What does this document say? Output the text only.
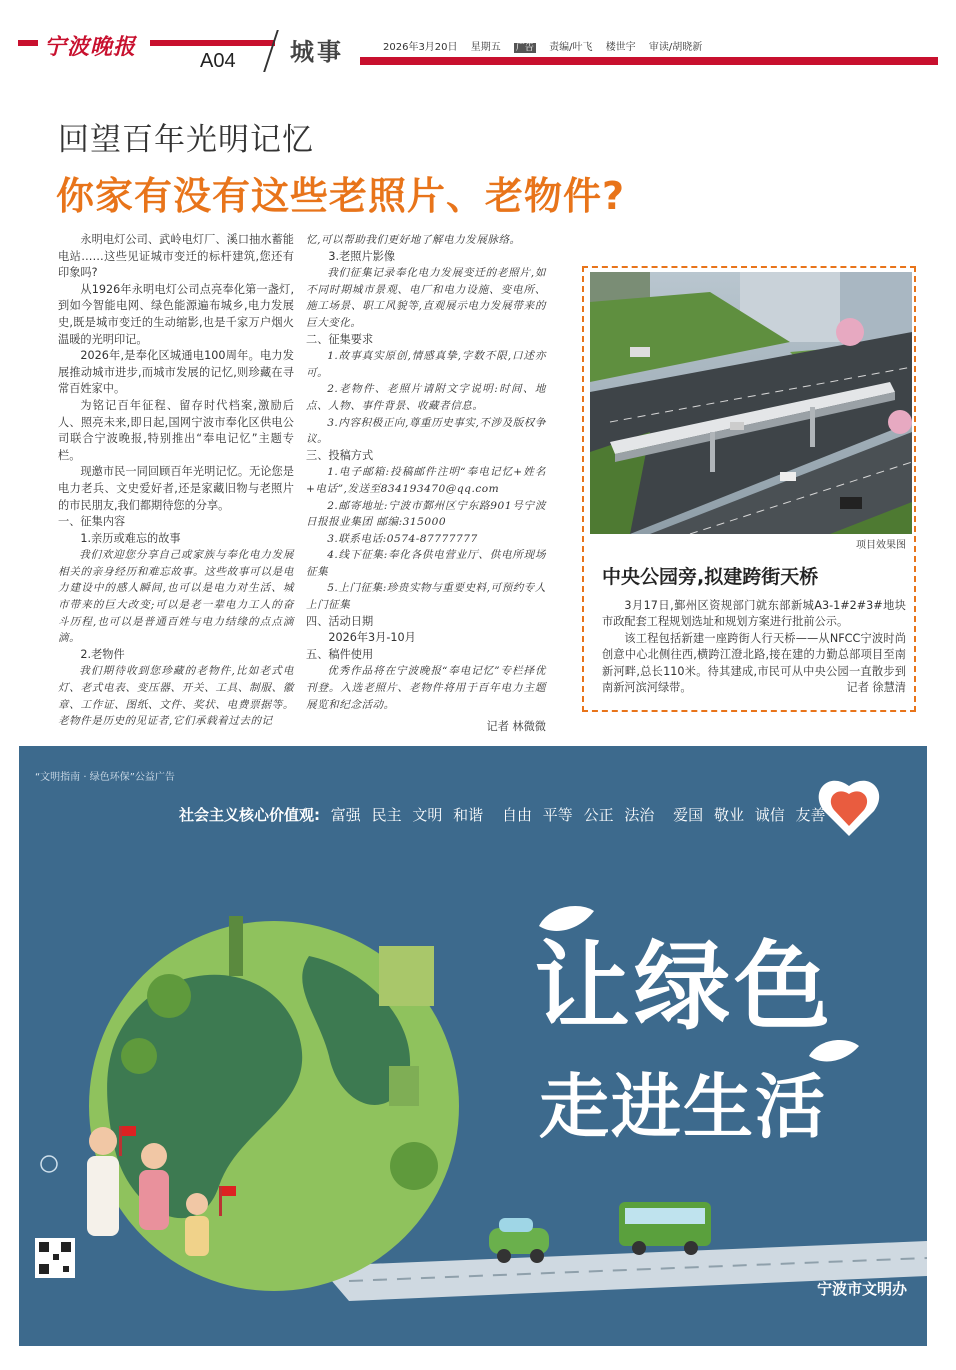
宁波晚报
A04 城事	2026年3月20日 星期五 广告 责编/叶飞 楼世宇 审读/胡晓新
回望百年光明记忆
你家有没有这些老照片、老物件?

永明电灯公司、武岭电灯厂、溪口抽水蓄能电站……这些见证城市变迁的标杆建筑,您还有印象吗?

从1926年永明电灯公司点亮奉化第一盏灯,到如今智能电网、绿色能源遍布城乡,电力发展史,既是城市变迁的生动缩影,也是千家万户烟火温暖的光明印记。

2026年,是奉化区城通电100周年。电力发展推动城市进步,而城市发展的记忆,则珍藏在寻常百姓家中。

为铭记百年征程、留存时代档案,激励后人、照亮未来,即日起,国网宁波市奉化区供电公司联合宁波晚报,特别推出“奉电记忆”主题专栏。

现邀市民一同回顾百年光明记忆。无论您是电力老兵、文史爱好者,还是家藏旧物与老照片的市民朋友,我们都期待您的分享。

一、征集内容

1.亲历或难忘的故事

我们欢迎您分享自己或家族与奉化电力发展相关的亲身经历和难忘故事。这些故事可以是电力建设中的感人瞬间,也可以是电力对生活、城市带来的巨大改变;可以是老一辈电力工人的奋斗历程,也可以是普通百姓与电力结缘的点点滴滴。

2.老物件

我们期待收到您珍藏的老物件,比如老式电灯、老式电表、变压器、开关、工具、制服、徽章、工作证、图纸、文件、奖状、电费票据等。老物件是历史的见证者,它们承载着过去的记

忆,可以帮助我们更好地了解电力发展脉络。

3.老照片影像

我们征集记录奉化电力发展变迁的老照片,如不同时期城市景观、电厂和电力设施、变电所、施工场景、职工风貌等,直观展示电力发展带来的巨大变化。

二、征集要求

1.故事真实原创,情感真挚,字数不限,口述亦可。

2.老物件、老照片请附文字说明:时间、地点、人物、事件背景、收藏者信息。

3.内容积极正向,尊重历史事实,不涉及版权争议。

三、投稿方式

1.电子邮箱:投稿邮件注明“奉电记忆+姓名+电话”,发送至834193470@qq.com

2.邮寄地址:宁波市鄞州区宁东路901号宁波日报报业集团 邮编:315000

3.联系电话:0574-87777777

4.线下征集:奉化各供电营业厅、供电所现场征集

5.上门征集:珍贵实物与重要史料,可预约专人上门征集

四、活动日期

2026年3月-10月

五、稿件使用

优秀作品将在宁波晚报“奉电记忆”专栏择优刊登。入选老照片、老物件将用于百年电力主题展览和纪念活动。

记者 林微微

项目效果图
中央公园旁,拟建跨街天桥

3月17日,鄞州区资规部门就东部新城A3-1#2#3#地块市政配套工程规划选址和规划方案进行批前公示。

该工程包括新建一座跨街人行天桥——从NFCC宁波时尚创意中心北侧往西,横跨江澄北路,接在建的力勤总部项目至南新河畔,总长110米。待其建成,市民可从中央公园一直散步到南新河滨河绿带。	记者 徐慧清

“文明指南 · 绿色环保”公益广告
社会主义核心价值观: 富强 民主 文明 和谐 自由 平等 公正 法治 爱国 敬业 诚信 友善
让绿色
走进生活
宁波市文明办
